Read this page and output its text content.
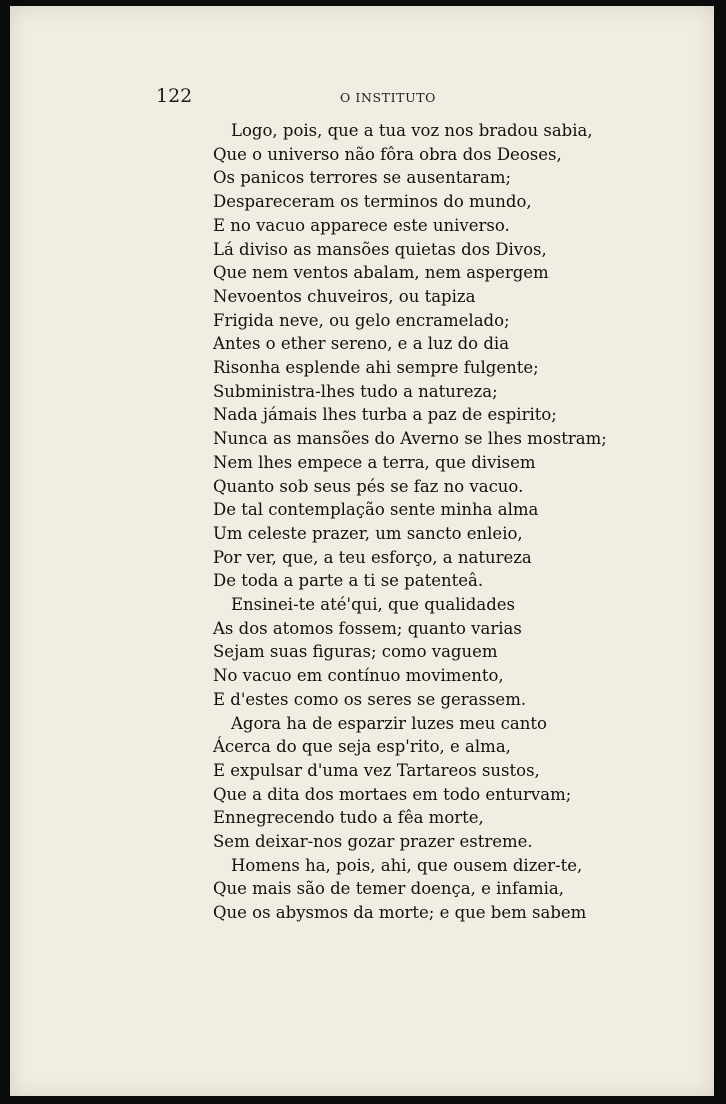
122	O INSTITUTO
Logo, pois, que a tua voz nos bradou sabia,
Que o universo não fôra obra dos Deoses,
Os panicos terrores se ausentaram;
Despareceram os terminos do mundo,
E no vacuo apparece este universo.
Lá diviso as mansões quietas dos Divos,
Que nem ventos abalam, nem aspergem
Nevoentos chuveiros, ou tapiza
Frigida neve, ou gelo encramelado;
Antes o ether sereno, e a luz do dia
Risonha esplende ahi sempre fulgente;
Subministra-lhes tudo a natureza;
Nada jámais lhes turba a paz de espirito;
Nunca as mansões do Averno se lhes mostram;
Nem lhes empece a terra, que divisem
Quanto sob seus pés se faz no vacuo.
De tal contemplação sente minha alma
Um celeste prazer, um sancto enleio,
Por ver, que, a teu esforço, a natureza
De toda a parte a ti se patenteâ.
Ensinei-te até'qui, que qualidades
As dos atomos fossem; quanto varias
Sejam suas figuras; como vaguem
No vacuo em contínuo movimento,
E d'estes como os seres se gerassem.
Agora ha de esparzir luzes meu canto
Ácerca do que seja esp'rito, e alma,
E expulsar d'uma vez Tartareos sustos,
Que a dita dos mortaes em todo enturvam;
Ennegrecendo tudo a fêa morte,
Sem deixar-nos gozar prazer estreme.
Homens ha, pois, ahi, que ousem dizer-te,
Que mais são de temer doença, e infamia,
Que os abysmos da morte; e que bem sabem
